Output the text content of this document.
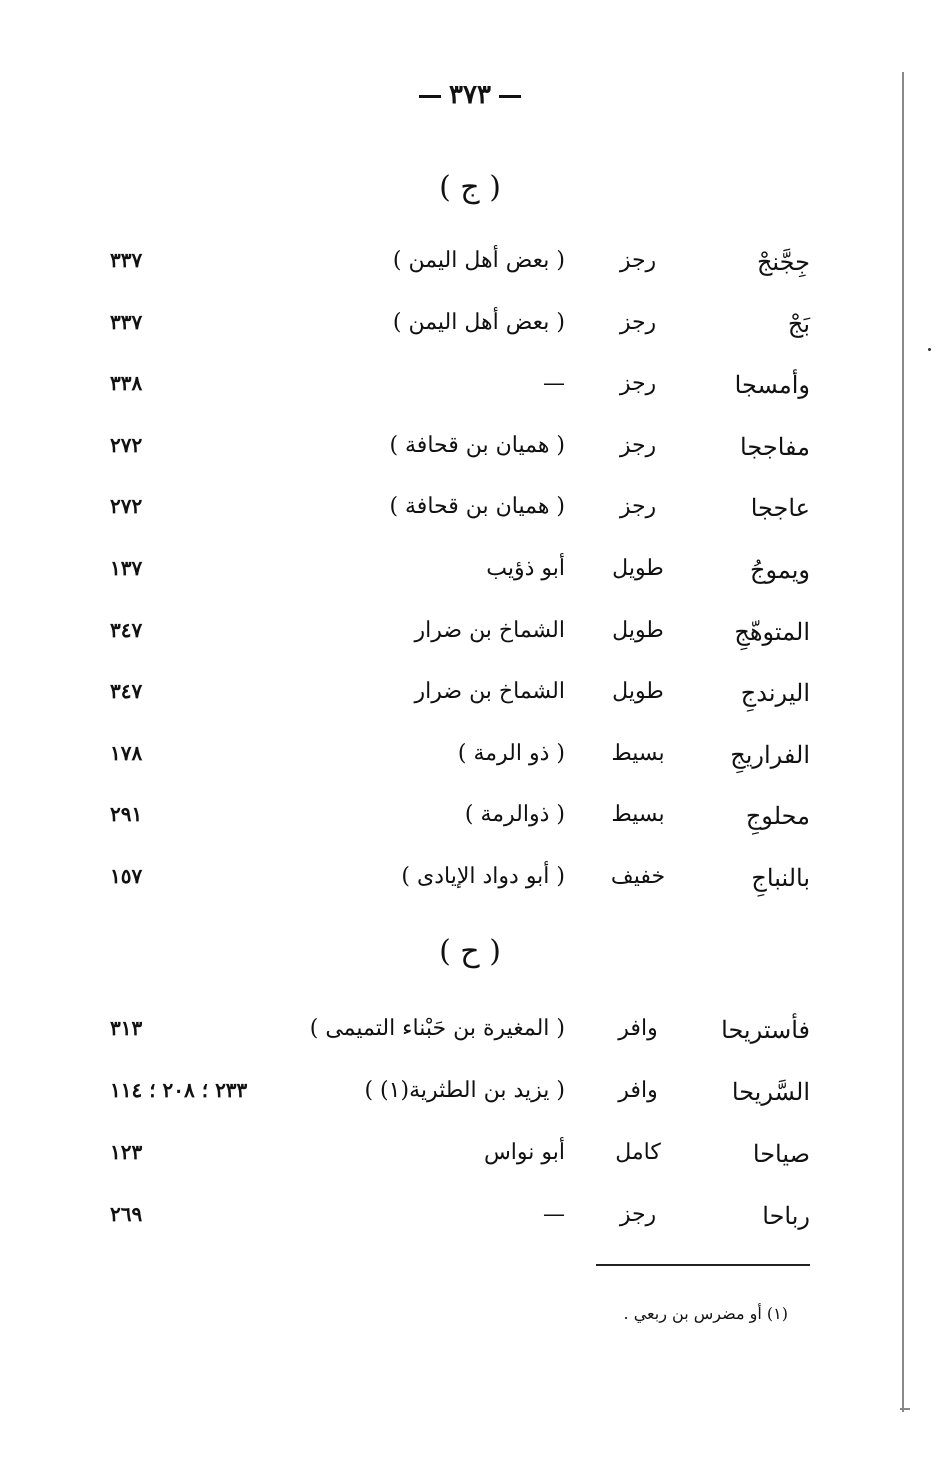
٣٧٣
( ج )
جِجَّنجْ
رجز
( بعض أهل اليمن )
٣٣٧
بَجْ
رجز
( بعض أهل اليمن )
٣٣٧
وأمسجا
رجز
—
٣٣٨
مفاججا
رجز
( هميان بن قحافة )
٢٧٢
عاججا
رجز
( هميان بن قحافة )
٢٧٢
ويموجُ
طويل
أبو ذؤيب
١٣٧
المتوهّجِ
طويل
الشماخ بن ضرار
٣٤٧
اليرندجِ
طويل
الشماخ بن ضرار
٣٤٧
الفراريجِ
بسيط
( ذو الرمة )
١٧٨
محلوجِ
بسيط
( ذوالرمة )
٢٩١
بالنباجِ
خفيف
( أبو دواد الإيادى )
١٥٧
( ح )
فأستريحا
وافر
( المغيرة بن حَبْناء التميمى )
٣١٣
السَّريحا
وافر
( يزيد بن الطثرية(١) )
٢٣٣ ؛ ٢٠٨ ؛ ١١٤
صياحا
كامل
أبو نواس
١٢٣
رباحا
رجز
—
٢٦٩
(١) أو مضرس بن ربعي .
